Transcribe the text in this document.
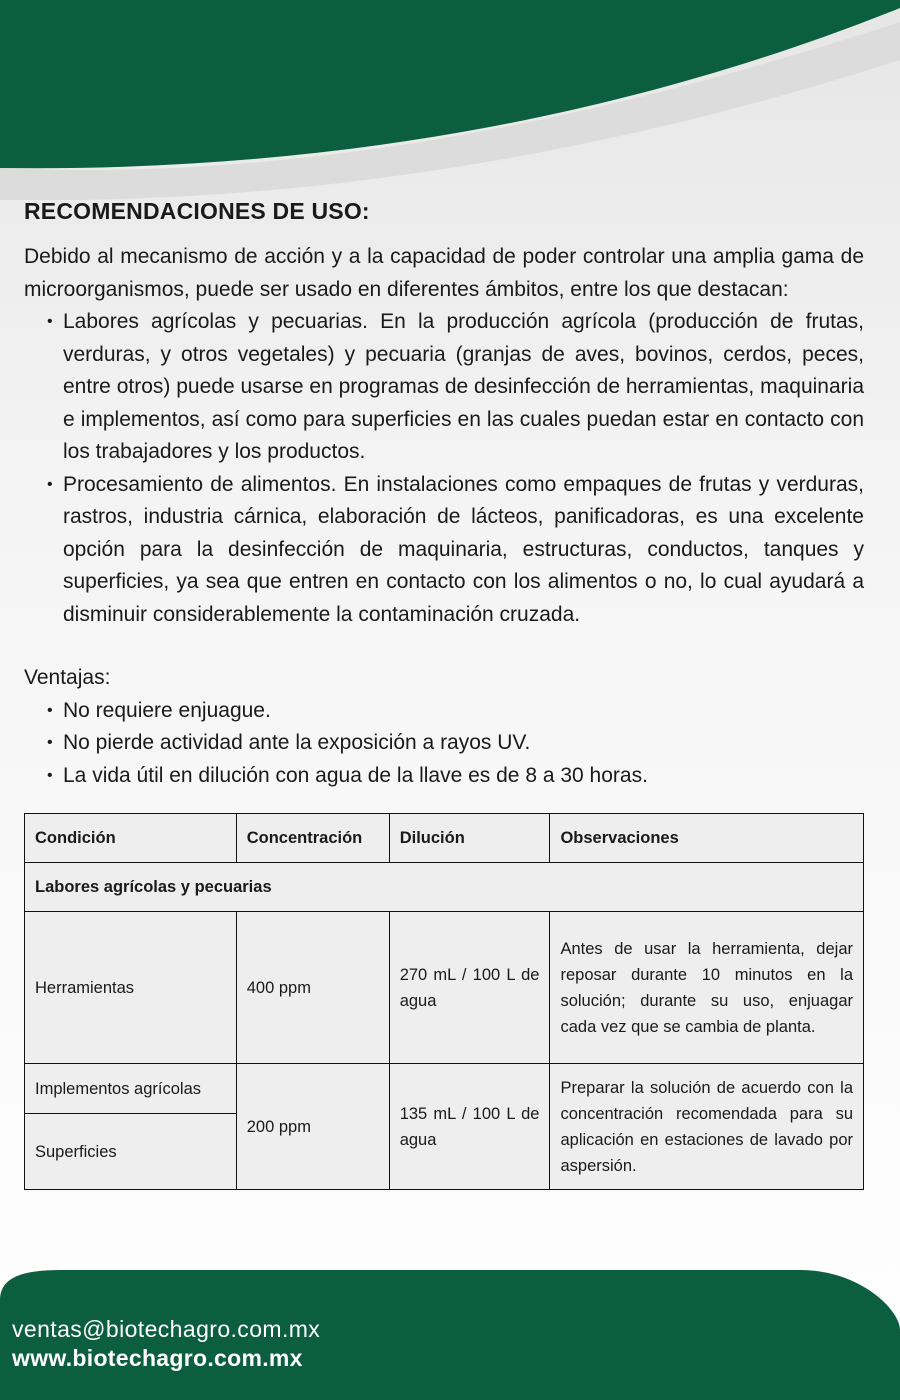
RECOMENDACIONES DE USO:

Debido al mecanismo de acción y a la capacidad de poder controlar una amplia gama de microorganismos, puede ser usado en diferentes ámbitos, entre los que destacan:

• Labores agrícolas y pecuarias. En la producción agrícola (producción de frutas, verduras, y otros vegetales) y pecuaria (granjas de aves, bovinos, cerdos, peces, entre otros) puede usarse en programas de desinfección de herramientas, maquinaria e implementos, así como para superficies en las cuales puedan estar en contacto con los trabajadores y los productos.
• Procesamiento de alimentos. En instalaciones como empaques de frutas y verduras, rastros, industria cárnica, elaboración de lácteos, panificadoras, es una excelente opción para la desinfección de maquinaria, estructuras, conductos, tanques y superficies, ya sea que entren en contacto con los alimentos o no, lo cual ayudará a disminuir considerablemente la contaminación cruzada.
Ventajas:
• No requiere enjuague.
• No pierde actividad ante la exposición a rayos UV.
• La vida útil en dilución con agua de la llave es de 8 a 30 horas.
Condición	Concentración	Dilución	Observaciones
Labores agrícolas y pecuarias			
Herramientas	400 ppm	270 mL / 100 L de agua	Antes de usar la herramienta, dejar reposar durante 10 minutos en la solución; durante su uso, enjuagar cada vez que se cambia de planta.
Implementos agrícolas	200 ppm	135 mL / 100 L de agua	Preparar la solución de acuerdo con la concentración recomendada para su aplicación en estaciones de lavado por aspersión.
Superficies			
ventas@biotechagro.com.mx
www.biotechagro.com.mx
